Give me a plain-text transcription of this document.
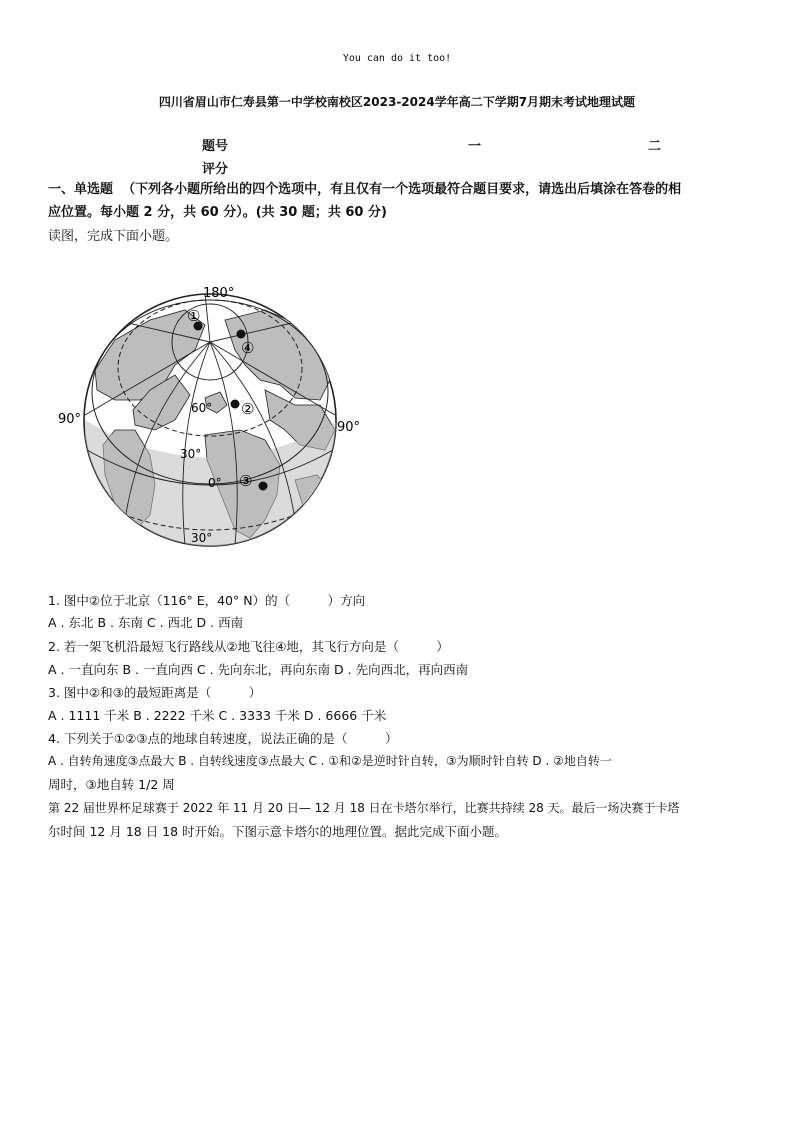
You can do it too!
四川省眉山市仁寿县第一中学校南校区2023-2024学年高二下学期7月期末考试地理试题
题号	一	二
评分
一、单选题 （下列各小题所给出的四个选项中，有且仅有一个选项最符合题目要求，请选出后填涂在答卷的相
应位置。每小题 2 分，共 60 分）。(共 30 题；共 60 分)
读图，完成下面小题。
180°
90°
90°
60°
30°
0°
30°
①
④
②
③
1. 图中②位于北京（116° E，40° N）的（　　　）方向
A . 东北 B . 东南 C . 西北 D . 西南
2. 若一架飞机沿最短飞行路线从②地飞往④地，其飞行方向是（　　　）
A . 一直向东 B . 一直向西 C . 先向东北，再向东南 D . 先向西北，再向西南
3. 图中②和③的最短距离是（　　　）
A . 1111 千米 B . 2222 千米 C . 3333 千米 D . 6666 千米
4. 下列关于①②③点的地球自转速度，说法正确的是（　　　）
A . 自转角速度③点最大 B . 自转线速度③点最大 C . ①和②是逆时针自转，③为顺时针自转 D . ②地自转一
周时，③地自转 1/2 周
第 22 届世界杯足球赛于 2022 年 11 月 20 日— 12 月 18 日在卡塔尔举行，比赛共持续 28 天。最后一场决赛于卡塔
尔时间 12 月 18 日 18 时开始。下图示意卡塔尔的地理位置。据此完成下面小题。
